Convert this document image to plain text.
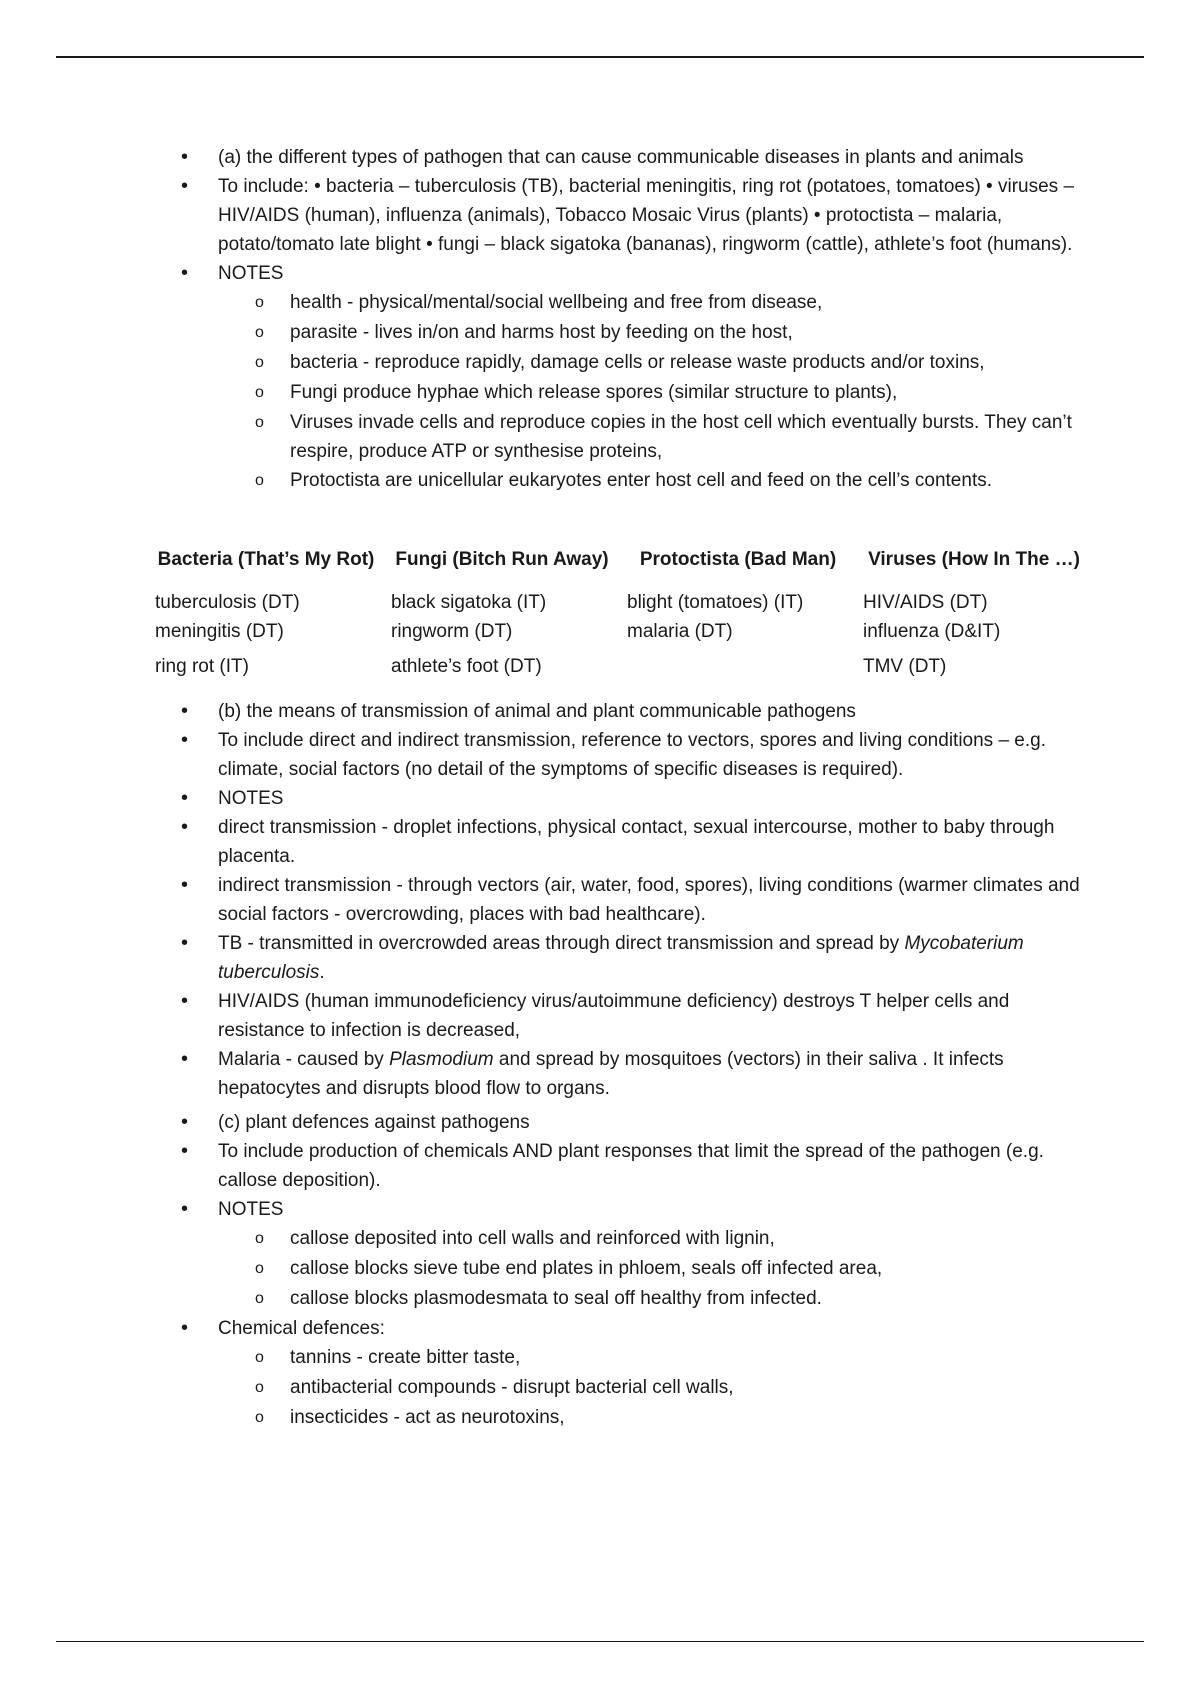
• (a) the different types of pathogen that can cause communicable diseases in plants and animals
• To include: • bacteria – tuberculosis (TB), bacterial meningitis, ring rot (potatoes, tomatoes) • viruses – HIV/AIDS (human), influenza (animals), Tobacco Mosaic Virus (plants) • protoctista – malaria, potato/tomato late blight • fungi – black sigatoka (bananas), ringworm (cattle), athlete’s foot (humans).
• NOTES
o health - physical/mental/social wellbeing and free from disease,
o parasite - lives in/on and harms host by feeding on the host,
o bacteria - reproduce rapidly, damage cells or release waste products and/or toxins,
o Fungi produce hyphae which release spores (similar structure to plants),
o Viruses invade cells and reproduce copies in the host cell which eventually bursts. They can’t respire, produce ATP or synthesise proteins,
o Protoctista are unicellular eukaryotes enter host cell and feed on the cell’s contents.
Bacteria (That’s My Rot)	Fungi (Bitch Run Away)	Protoctista (Bad Man)	Viruses (How In The …)
tuberculosis (DT)	black sigatoka (IT)	blight (tomatoes) (IT)	HIV/AIDS (DT)
meningitis (DT)	ringworm (DT)	malaria (DT)	influenza (D&IT)
ring rot (IT)	athlete’s foot (DT)		TMV (DT)
• (b) the means of transmission of animal and plant communicable pathogens
• To include direct and indirect transmission, reference to vectors, spores and living conditions – e.g. climate, social factors (no detail of the symptoms of specific diseases is required).
• NOTES
• direct transmission - droplet infections, physical contact, sexual intercourse, mother to baby through placenta.
• indirect transmission - through vectors (air, water, food, spores), living conditions (warmer climates and social factors - overcrowding, places with bad healthcare).
• TB - transmitted in overcrowded areas through direct transmission and spread by Mycobaterium tuberculosis.
• HIV/AIDS (human immunodeficiency virus/autoimmune deficiency) destroys T helper cells and resistance to infection is decreased,
• Malaria - caused by Plasmodium and spread by mosquitoes (vectors) in their saliva . It infects hepatocytes and disrupts blood flow to organs.
• (c) plant defences against pathogens
• To include production of chemicals AND plant responses that limit the spread of the pathogen (e.g. callose deposition).
• NOTES
o callose deposited into cell walls and reinforced with lignin,
o callose blocks sieve tube end plates in phloem, seals off infected area,
o callose blocks plasmodesmata to seal off healthy from infected.
• Chemical defences:
o tannins - create bitter taste,
o antibacterial compounds - disrupt bacterial cell walls,
o insecticides - act as neurotoxins,
